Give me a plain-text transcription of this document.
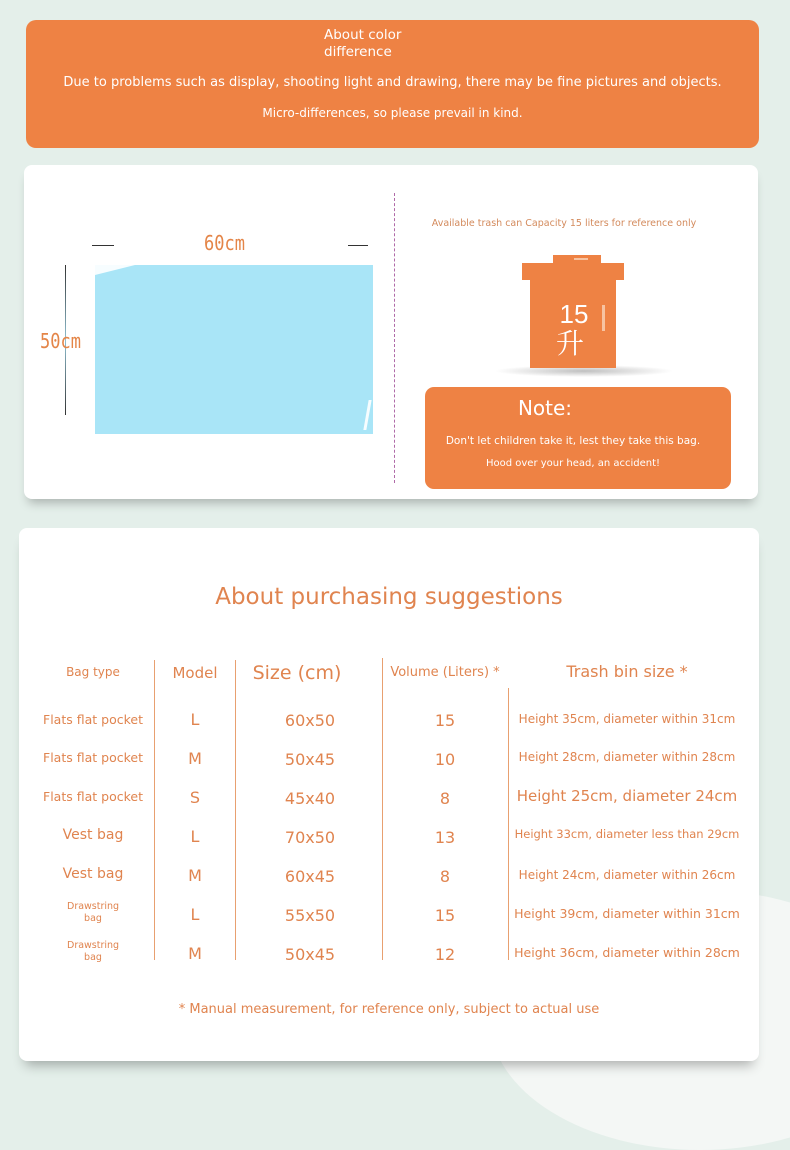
About color difference
Due to problems such as display, shooting light and drawing, there may be fine pictures and objects.
Micro-differences, so please prevail in kind.
60cm
50cm
Available trash can Capacity 15 liters for reference only
15
升
Note:
Don't let children take it, lest they take this bag.
Hood over your head, an accident!
About purchasing suggestions
Bag type	Model	Size (cm)	Volume (Liters) *	Trash bin size *
Flats flat pocket	L	60x50	15	Height 35cm, diameter within 31cm
Flats flat pocket	M	50x45	10	Height 28cm, diameter within 28cm
Flats flat pocket	S	45x40	8	Height 25cm, diameter 24cm
Vest bag	L	70x50	13	Height 33cm, diameter less than 29cm
Vest bag	M	60x45	8	Height 24cm, diameter within 26cm
Drawstring bag	L	55x50	15	Height 39cm, diameter within 31cm
Drawstring bag	M	50x45	12	Height 36cm, diameter within 28cm
* Manual measurement, for reference only, subject to actual use
